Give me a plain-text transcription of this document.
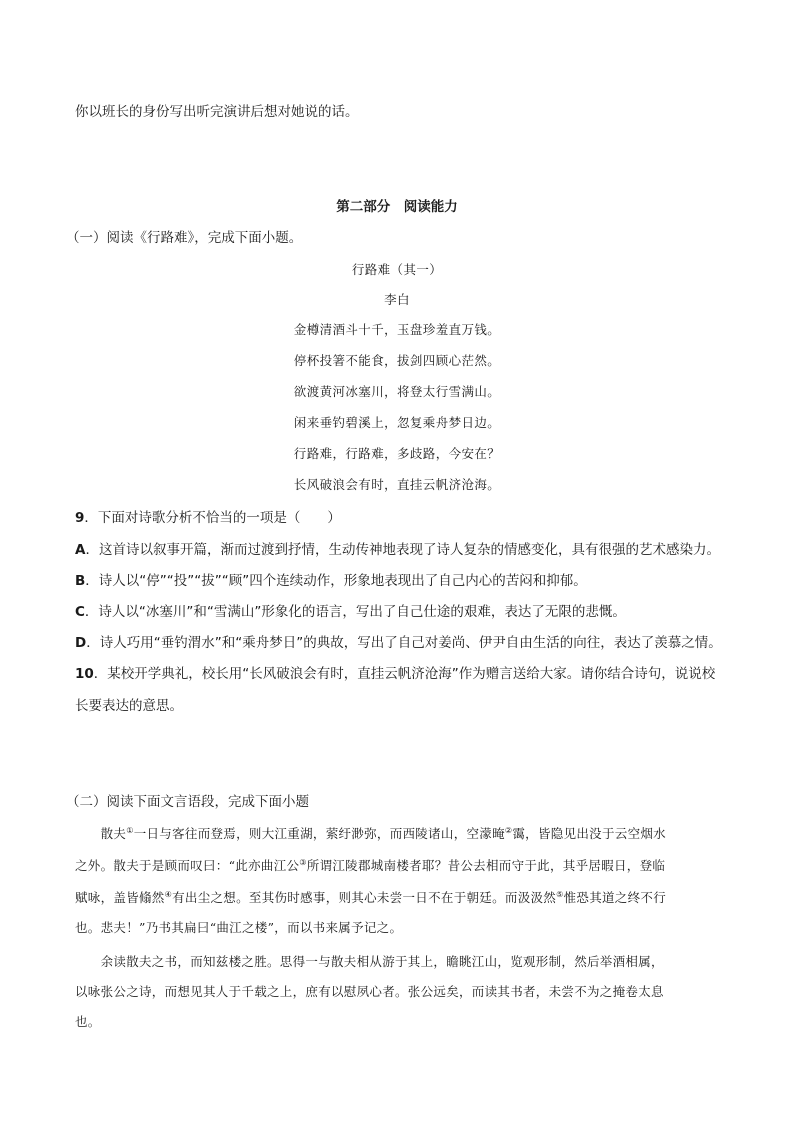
你以班长的身份写出听完演讲后想对她说的话。
第二部分　阅读能力
（一）阅读《行路难》，完成下面小题。
行路难（其一）
李白
金樽清酒斗十千，玉盘珍羞直万钱。
停杯投箸不能食，拔剑四顾心茫然。
欲渡黄河冰塞川，将登太行雪满山。
闲来垂钓碧溪上，忽复乘舟梦日边。
行路难，行路难，多歧路，今安在？
长风破浪会有时，直挂云帆济沧海。
9．下面对诗歌分析不恰当的一项是（　　）
A．这首诗以叙事开篇，渐而过渡到抒情，生动传神地表现了诗人复杂的情感变化，具有很强的艺术感染力。
B．诗人以“停”“投”“拔”“顾”四个连续动作，形象地表现出了自己内心的苦闷和抑郁。
C．诗人以“冰塞川”和“雪满山”形象化的语言，写出了自己仕途的艰难，表达了无限的悲慨。
D．诗人巧用“垂钓渭水”和“乘舟梦日”的典故，写出了自己对姜尚、伊尹自由生活的向往，表达了羡慕之情。
10．某校开学典礼，校长用“长风破浪会有时，直挂云帆济沧海”作为赠言送给大家。请你结合诗句，说说校
长要表达的意思。
（二）阅读下面文言语段，完成下面小题
　　散夫①一日与客往而登焉，则大江重湖，萦纡渺弥，而西陵诸山，空濛晻②霭，皆隐见出没于云空烟水
之外。散夫于是顾而叹曰：“此亦曲江公③所谓江陵郡城南楼者耶？昔公去相而守于此，其乎居暇日，登临
赋咏，盖皆翛然④有出尘之想。至其伤时感事，则其心未尝一日不在于朝廷。而汲汲然⑤惟恐其道之终不行
也。悲夫！”乃书其扁曰“曲江之楼”，而以书来属予记之。
　　余读散夫之书，而知兹楼之胜。思得一与散夫相从游于其上，瞻眺江山，览观形制，然后举酒相属，
以咏张公之诗，而想见其人于千载之上，庶有以慰夙心者。张公远矣，而读其书者，未尝不为之掩卷太息
也。
